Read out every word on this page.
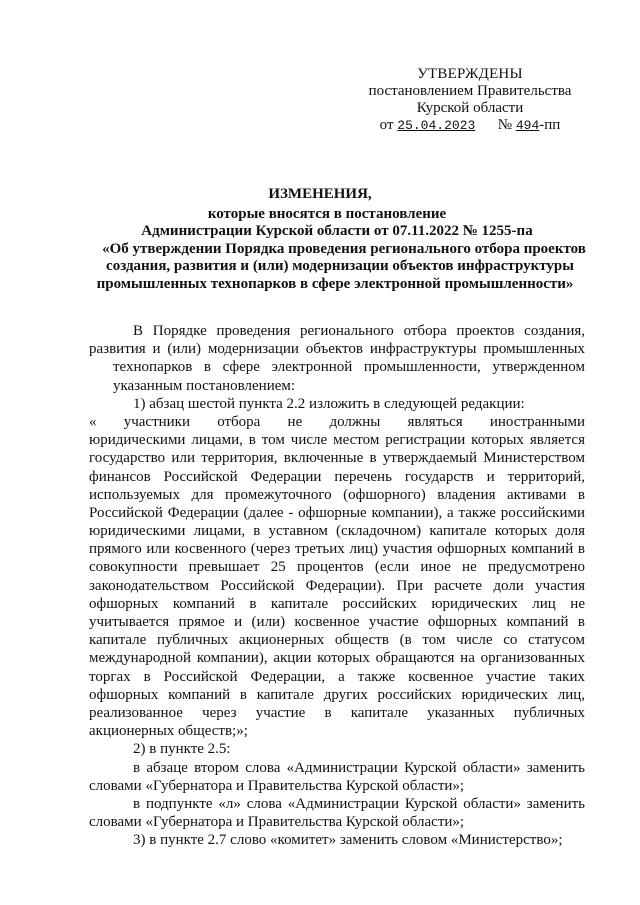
УТВЕРЖДЕНЫ
постановлением Правительства
Курской области
от 25.04.2023 № 494-пп
ИЗМЕНЕНИЯ,
которые вносятся в постановление
Администрации Курской области от 07.11.2022 № 1255-па
«Об утверждении Порядка проведения регионального отбора проектов
создания, развития и (или) модернизации объектов инфраструктуры
промышленных технопарков в сфере электронной промышленности»
В Порядке проведения регионального отбора проектов создания,
развития и (или) модернизации объектов инфраструктуры промышленных
технопарков в сфере электронной промышленности, утвержденном
указанным постановлением:
1) абзац шестой пункта 2.2 изложить в следующей редакции:
« участники отбора не должны являться иностранными
юридическими лицами, в том числе местом регистрации которых является
государство или территория, включенные в утверждаемый Министерством
финансов Российской Федерации перечень государств и территорий,
используемых для промежуточного (офшорного) владения активами в
Российской Федерации (далее - офшорные компании), а также российскими
юридическими лицами, в уставном (складочном) капитале которых доля
прямого или косвенного (через третьих лиц) участия офшорных компаний в
совокупности превышает 25 процентов (если иное не предусмотрено
законодательством Российской Федерации). При расчете доли участия
офшорных компаний в капитале российских юридических лиц не
учитывается прямое и (или) косвенное участие офшорных компаний в
капитале публичных акционерных обществ (в том числе со статусом
международной компании), акции которых обращаются на организованных
торгах в Российской Федерации, а также косвенное участие таких
офшорных компаний в капитале других российских юридических лиц,
реализованное через участие в капитале указанных публичных
акционерных обществ;»;
2) в пункте 2.5:
в абзаце втором слова «Администрации Курской области» заменить
словами «Губернатора и Правительства Курской области»;
в подпункте «л» слова «Администрации Курской области» заменить
словами «Губернатора и Правительства Курской области»;
3) в пункте 2.7 слово «комитет» заменить словом «Министерство»;
